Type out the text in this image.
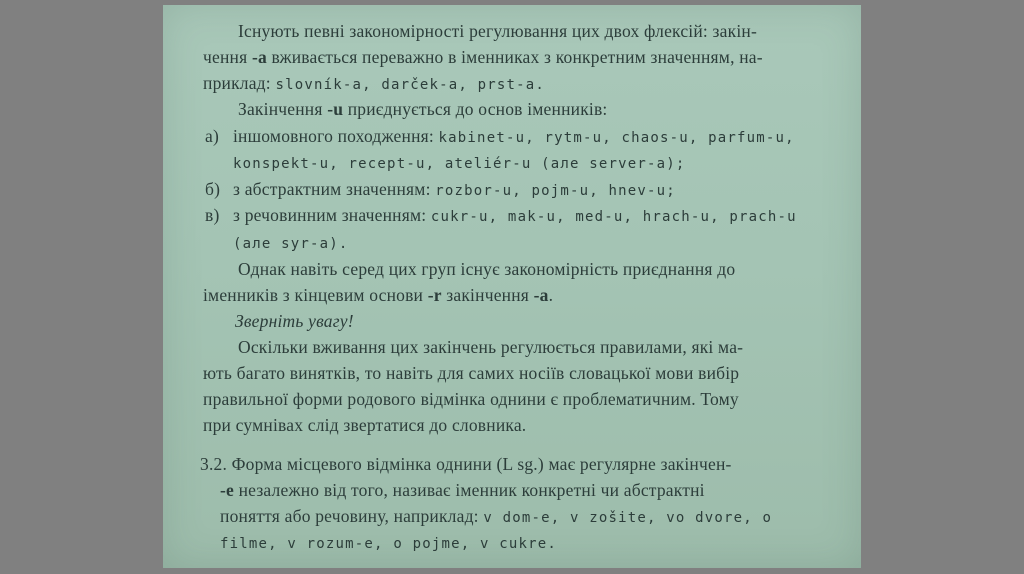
Існують певні закономірності регулювання цих двох флексій: закін-
чення -а вживається переважно в іменниках з конкретним значенням, на-
приклад: slovník-a, darček-a, prst-a.
Закінчення -u приєднується до основ іменників:
а) іншомовного походження: kabinet-u, rytm-u, chaos-u, parfum-u,
konspekt-u, recept-u, ateliér-u (але server-a);
б) з абстрактним значенням: rozbor-u, pojm-u, hnev-u;
в) з речовинним значенням: cukr-u, mak-u, med-u, hrach-u, prach-u
(але syr-a).
Однак навіть серед цих груп існує закономірність приєднання до
іменників з кінцевим основи -r закінчення -а.
Зверніть увагу!
Оскільки вживання цих закінчень регулюється правилами, які ма-
ють багато винятків, то навіть для самих носіїв словацької мови вибір
правильної форми родового відмінка однини є проблематичним. Тому
при сумнівах слід звертатися до словника.
3.2. Форма місцевого відмінка однини (L sg.) має регулярне закінчен-
-е незалежно від того, називає іменник конкретні чи абстрактні
поняття або речовину, наприклад: v dom-e, v zošite, vo dvore, o
filme, v rozum-e, o pojme, v cukre.
